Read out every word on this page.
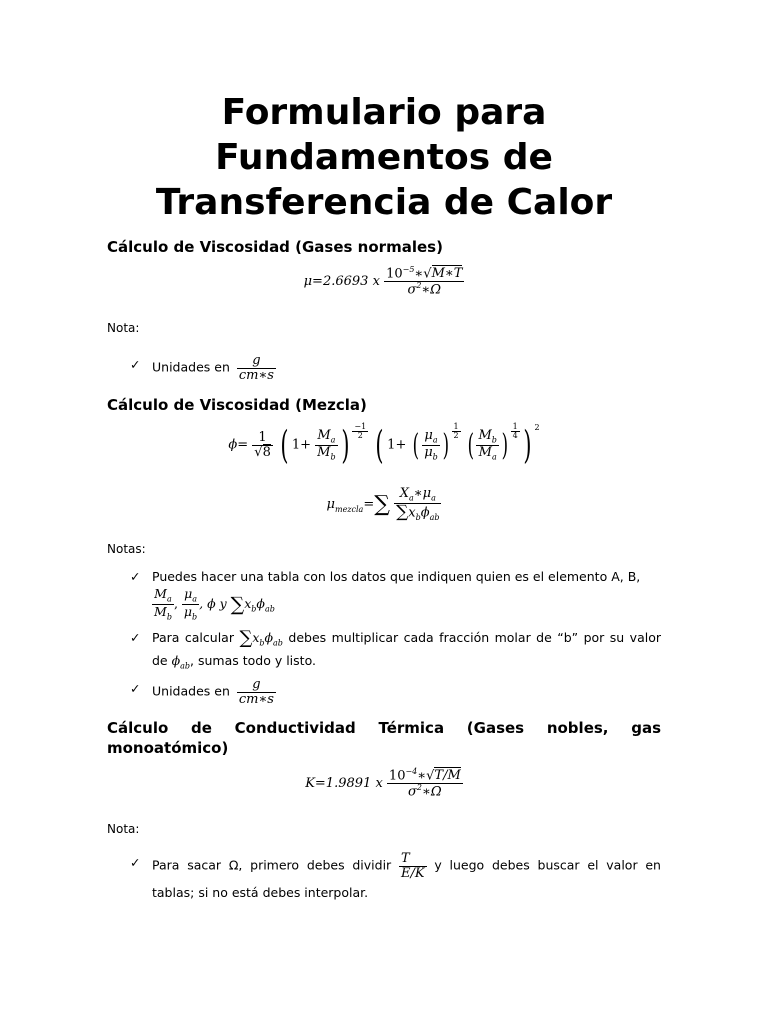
Formulario para
Fundamentos de
Transferencia de Calor
Cálculo de Viscosidad (Gases normales)
μ=2.6693 x $\frac{10^{-5}∗√M∗T}{\sigma^2∗\Omega}$
Nota:
✓ Unidades en $\frac{g}{cm∗s}$
Cálculo de Viscosidad (Mezcla)
$\phi= \frac{1}{√8}$ ( $1+ \frac{M_a}{M_b}$ ) $^{\frac{-1}{2}}$ ( 1+ ( $\frac{\mu_a}{\mu_b}$ ) $^{\frac{1}{2}}$ ( $\frac{M_b}{M_a}$ ) $^{\frac{1}{4}}$ ) $^2$
$\mu_{mezcla}=\sum \frac{X_a∗\mu_a}{\sum x_b\phi_{ab}}$
Notas:
✓ Puedes hacer una tabla con los datos que indiquen quien es el elemento A, B,
$\frac{M_a}{M_b}$ , $\frac{\mu_a}{\mu_b}$ , ϕ y $\sum x_b\phi_{ab}$
✓ Para calcular $\sum x_b\phi_{ab}$ debes multiplicar cada fracción molar de “b” por su valor
de $\phi_{ab}$, sumas todo y listo.
✓ Unidades en $\frac{g}{cm∗s}$
Cálculo de Conductividad Térmica (Gases nobles, gas
monoatómico)
K=1.9891 x $\frac{10^{-4}∗√T/M}{\sigma^2∗\Omega}$
Nota:
✓ Para sacar Ω, primero debes dividir $\frac{T}{E/K}$ y luego debes buscar el valor en
tablas; si no está debes interpolar.
